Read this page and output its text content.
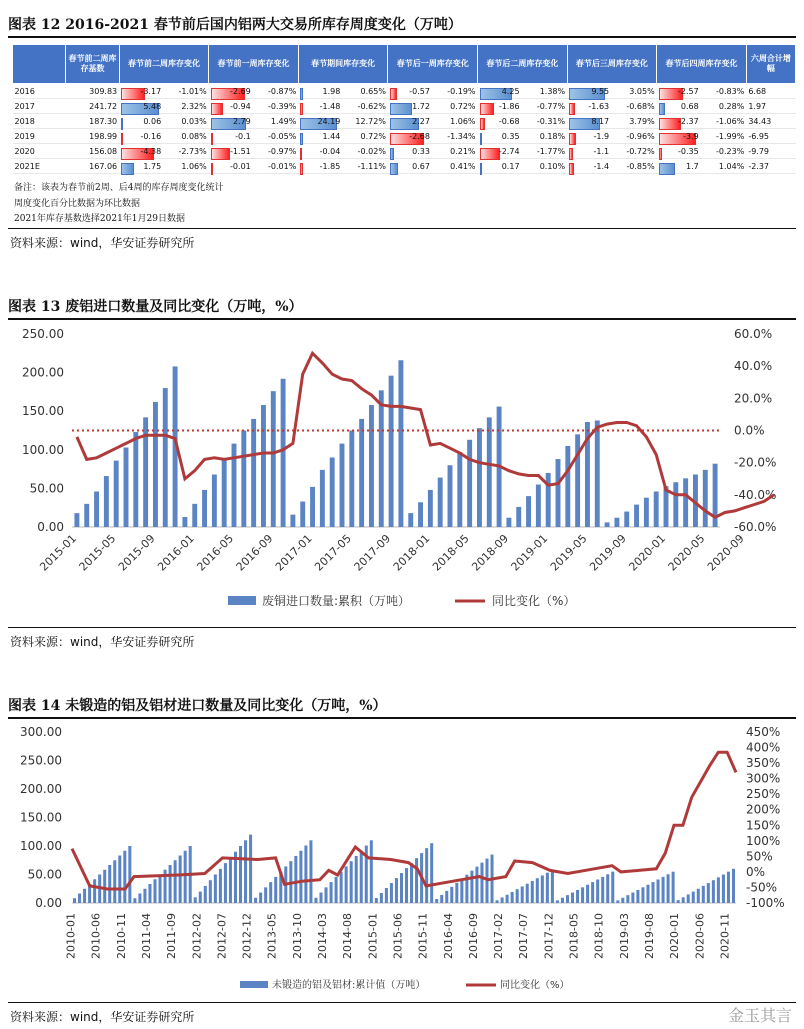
图表 12 2016-2021 春节前后国内铝两大交易所库存周度变化（万吨）
	春节前二周库存基数	春节前二周库存变化	春节前一周库存变化	春节期间库存变化	春节后一周库存变化	春节后二周库存变化	春节后三周库存变化	春节后四周库存变化	六周合计增幅
2016	309.83	-3.17 -1.01%	-2.69 -0.87%	1.98 0.65%	-0.57 -0.19%	4.25 1.38%	9.55 3.05%	-2.57 -0.83%	6.68
2017	241.72	5.48 2.32%	-0.94 -0.39%	-1.48 -0.62%	1.72 0.72%	-1.86 -0.77%	-1.63 -0.68%	0.68 0.28%	1.97
2018	187.30	0.06 0.03%	2.79 1.49%	24.19 12.72%	2.27 1.06%	-0.68 -0.31%	8.17 3.79%	-2.37 -1.06%	34.43
2019	198.99	-0.16 0.08%	-0.1 -0.05%	1.44 0.72%	-2.68 -1.34%	0.35 0.18%	-1.9 -0.96%	-3.9 -1.99%	-6.95
2020	156.08	-4.38 -2.73%	-1.51 -0.97%	-0.04 -0.02%	0.33 0.21%	-2.74 -1.77%	-1.1 -0.72%	-0.35 -0.23%	-9.79
2021E	167.06	1.75 1.06%	-0.01 -0.01%	-1.85 -1.11%	0.67 0.41%	0.17 0.10%	-1.4 -0.85%	1.7 1.04%	-2.37
备注：该表为春节前2周、后4周的库存周度变化统计
周度变化百分比数据为环比数据
2021年库存基数选择2021年1月29日数据
资料来源：wind，华安证券研究所
图表 13 废铝进口数量及同比变化（万吨，%）
0.00
50.00
100.00
150.00
200.00
250.00
-60.0%
-40.0%
-20.0%
0.0%
20.0%
40.0%
60.0%
2015-01
2015-05
2015-09
2016-01
2016-05
2016-09
2017-01
2017-05
2017-09
2018-01
2018-05
2018-09
2019-01
2019-05
2019-09
2020-01
2020-05
2020-09
废铜进口数量:累积（万吨）	同比变化（%）
资料来源：wind，华安证券研究所
图表 14 未锻造的铝及铝材进口数量及同比变化（万吨，%）
0.00
50.00
100.00
150.00
200.00
250.00
300.00
-100%
-50%
0%
50%
100%
150%
200%
250%
300%
350%
400%
450%
2010-01 2010-06 2010-11 2011-04 2011-09 2012-02 2012-07 2012-12 2013-05 2013-10 2014-03 2014-08 2015-01 2015-06 2015-11 2016-04 2016-09 2017-02 2017-07 2017-12 2018-05 2018-10 2019-03 2019-08 2020-01 2020-06 2020-11
未锻造的铝及铝材:累计值（万吨）	同比变化（%）
资料来源：wind，华安证券研究所	金玉其言
